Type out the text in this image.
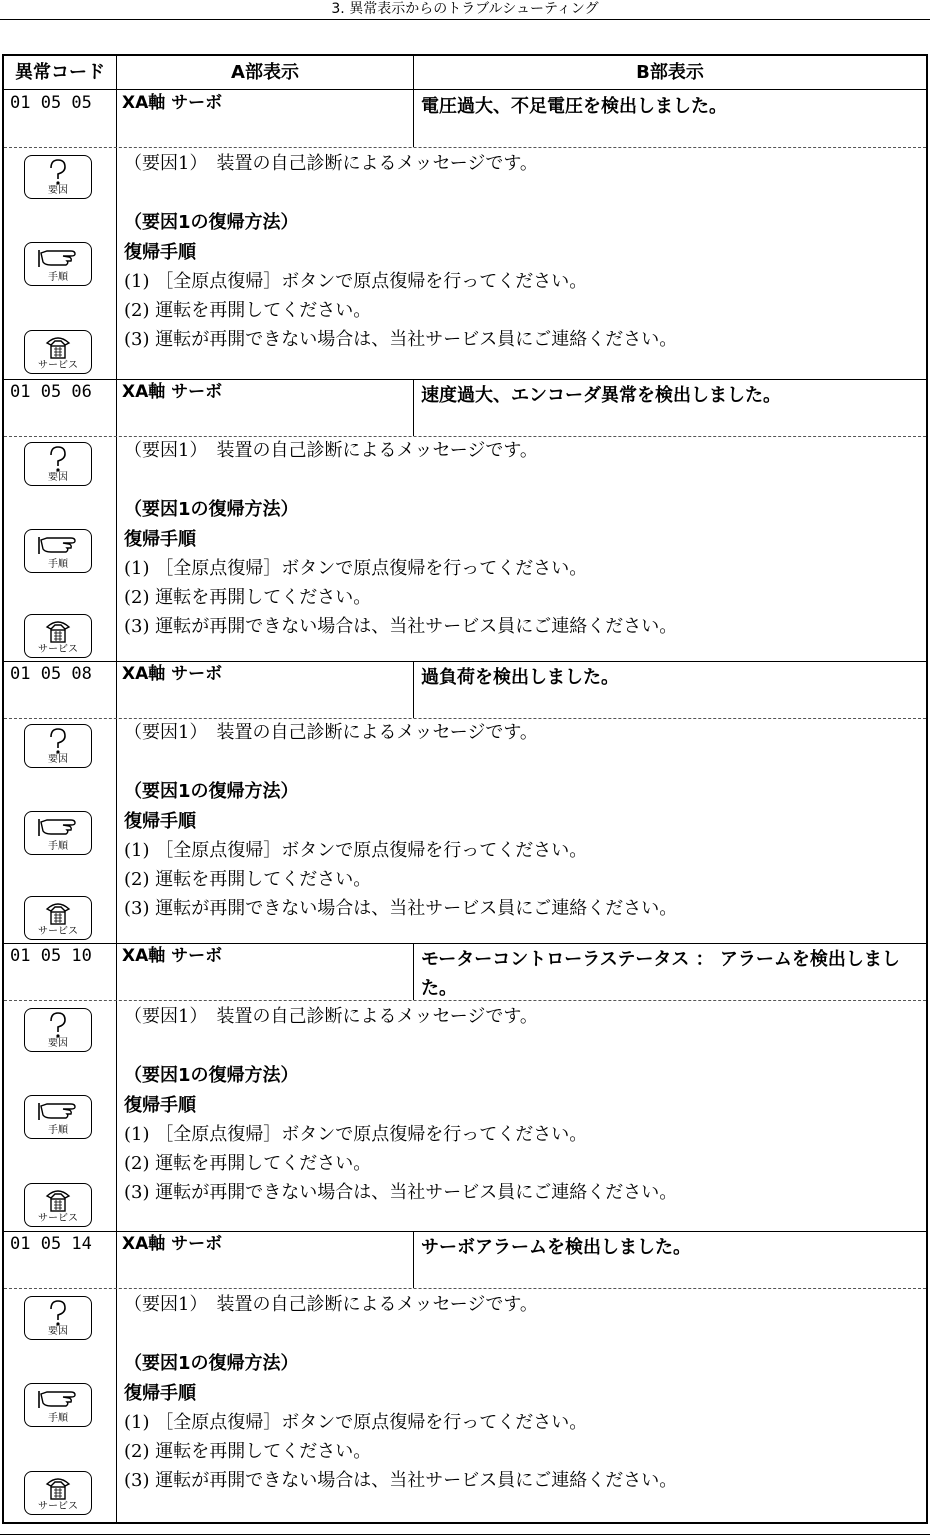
3. 異常表示からのトラブルシューティング
異常コード	A部表示	B部表示
01 05 05 XA軸 サーボ	電圧過大、不足電圧を検出しました。
要因
（要因1）　装置の自己診断によるメッセージです。
（要因1の復帰方法）
手順
復帰手順
(1) ［全原点復帰］ボタンで原点復帰を行ってください。
(2) 運転を再開してください。
サービス
(3) 運転が再開できない場合は、当社サービス員にご連絡ください。
01 05 06 XA軸 サーボ	速度過大、エンコーダ異常を検出しました。
要因
（要因1）　装置の自己診断によるメッセージです。
（要因1の復帰方法）
手順
復帰手順
(1) ［全原点復帰］ボタンで原点復帰を行ってください。
(2) 運転を再開してください。
サービス
(3) 運転が再開できない場合は、当社サービス員にご連絡ください。
01 05 08 XA軸 サーボ	過負荷を検出しました。
要因
（要因1）　装置の自己診断によるメッセージです。
（要因1の復帰方法）
手順
復帰手順
(1) ［全原点復帰］ボタンで原点復帰を行ってください。
(2) 運転を再開してください。
サービス
(3) 運転が再開できない場合は、当社サービス員にご連絡ください。
01 05 10 XA軸 サーボ	モーターコントローラステータス ： アラームを検出しました。
要因
（要因1）　装置の自己診断によるメッセージです。
（要因1の復帰方法）
手順
復帰手順
(1) ［全原点復帰］ボタンで原点復帰を行ってください。
(2) 運転を再開してください。
サービス
(3) 運転が再開できない場合は、当社サービス員にご連絡ください。
01 05 14 XA軸 サーボ	サーボアラームを検出しました。
要因
（要因1）　装置の自己診断によるメッセージです。
（要因1の復帰方法）
手順
復帰手順
(1) ［全原点復帰］ボタンで原点復帰を行ってください。
(2) 運転を再開してください。
サービス
(3) 運転が再開できない場合は、当社サービス員にご連絡ください。
